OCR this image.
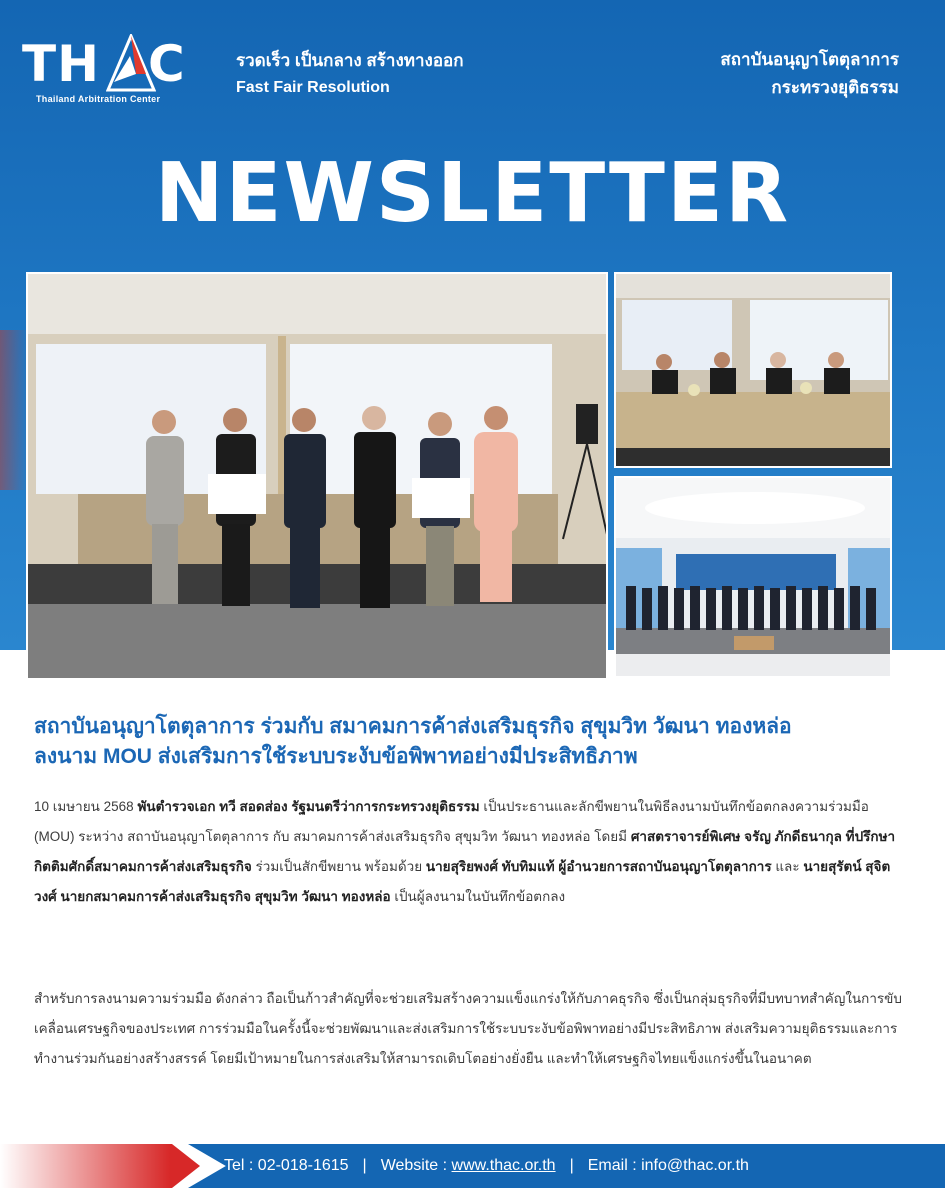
TH C
Thailand Arbitration Center
รวดเร็ว เป็นกลาง สร้างทางออก
Fast Fair Resolution
สถาบันอนุญาโตตุลาการ
กระทรวงยุติธรรม
NEWSLETTER
สถาบันอนุญาโตตุลาการ ร่วมกับ สมาคมการค้าส่งเสริมธุรกิจ สุขุมวิท วัฒนา ทองหล่อ
ลงนาม MOU ส่งเสริมการใช้ระบบระงับข้อพิพาทอย่างมีประสิทธิภาพ
10 เมษายน 2568 พันตำรวจเอก ทวี สอดส่อง รัฐมนตรีว่าการกระทรวงยุติธรรม เป็นประธานและลักขีพยานในพิธีลงนามบันทึกข้อตกลงความร่วมมือ (MOU) ระหว่าง สถาบันอนุญาโตตุลาการ กับ สมาคมการค้าส่งเสริมธุรกิจ สุขุมวิท วัฒนา ทองหล่อ โดยมี ศาสตราจารย์พิเศษ จรัญ ภักดีธนากุล ที่ปรึกษากิตติมศักดิ์สมาคมการค้าส่งเสริมธุรกิจ ร่วมเป็นสักขีพยาน พร้อมด้วย นายสุริยพงศ์ ทับทิมแท้ ผู้อำนวยการสถาบันอนุญาโตตุลาการ และ นายสุรัตน์ สุจิตวงศ์ นายกสมาคมการค้าส่งเสริมธุรกิจ สุขุมวิท วัฒนา ทองหล่อ เป็นผู้ลงนามในบันทึกข้อตกลง
สำหรับการลงนามความร่วมมือ ดังกล่าว ถือเป็นก้าวสำคัญที่จะช่วยเสริมสร้างความแข็งแกร่งให้กับภาคธุรกิจ ซึ่งเป็นกลุ่มธุรกิจที่มีบทบาทสำคัญในการขับเคลื่อนเศรษฐกิจของประเทศ การร่วมมือในครั้งนี้จะช่วยพัฒนาและส่งเสริมการใช้ระบบระงับข้อพิพาทอย่างมีประสิทธิภาพ ส่งเสริมความยุติธรรมและการทำงานร่วมกันอย่างสร้างสรรค์ โดยมีเป้าหมายในการส่งเสริมให้สามารถเติบโตอย่างยั่งยืน และทำให้เศรษฐกิจไทยแข็งแกร่งขึ้นในอนาคต
Tel : 02-018-1615 | Website : www.thac.or.th | Email : info@thac.or.th
